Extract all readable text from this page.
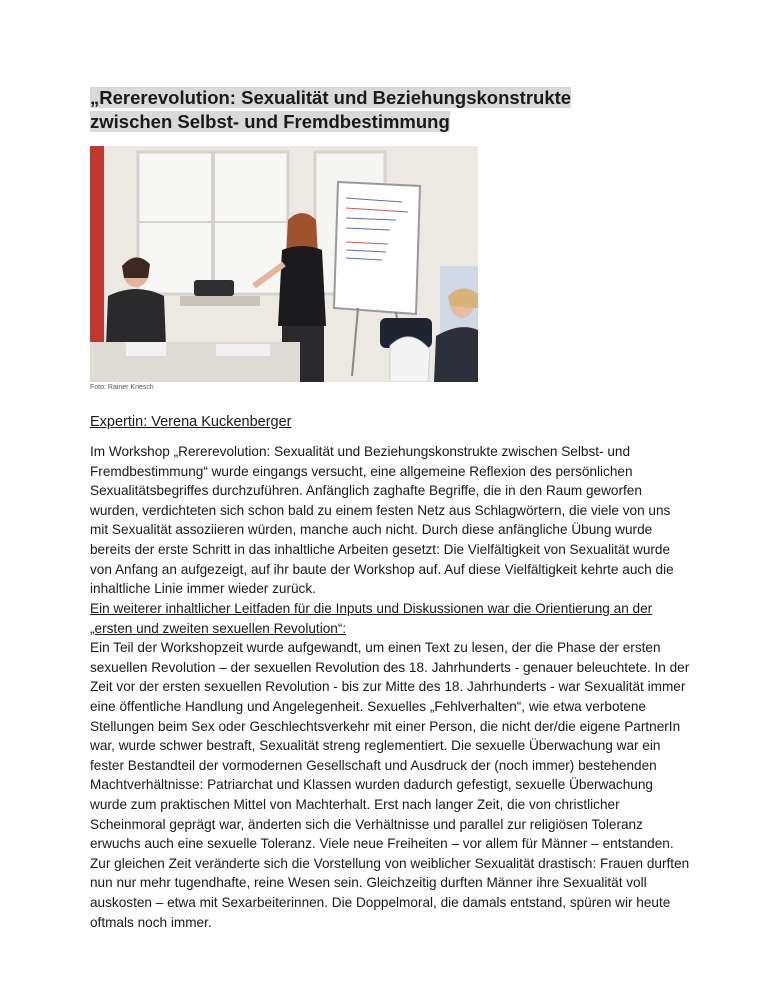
„Rererevolution: Sexualität und Beziehungskonstrukte zwischen Selbst- und Fremdbestimmung

Foto: Rainer Kriesch

Expertin: Verena Kuckenberger

Im Workshop „Rererevolution: Sexualität und Beziehungskonstrukte zwischen Selbst- und Fremdbestimmung“ wurde eingangs versucht, eine allgemeine Reflexion des persönlichen Sexualitätsbegriffes durchzuführen. Anfänglich zaghafte Begriffe, die in den Raum geworfen wurden, verdichteten sich schon bald zu einem festen Netz aus Schlagwörtern, die viele von uns mit Sexualität assoziieren würden, manche auch nicht. Durch diese anfängliche Übung wurde bereits der erste Schritt in das inhaltliche Arbeiten gesetzt: Die Vielfältigkeit von Sexualität wurde von Anfang an aufgezeigt, auf ihr baute der Workshop auf. Auf diese Vielfältigkeit kehrte auch die inhaltliche Linie immer wieder zurück.

Ein weiterer inhaltlicher Leitfaden für die Inputs und Diskussionen war die Orientierung an der „ersten und zweiten sexuellen Revolution“:
Ein Teil der Workshopzeit wurde aufgewandt, um einen Text zu lesen, der die Phase der ersten sexuellen Revolution – der sexuellen Revolution des 18. Jahrhunderts - genauer beleuchtete. In der Zeit vor der ersten sexuellen Revolution - bis zur Mitte des 18. Jahrhunderts - war Sexualität immer eine öffentliche Handlung und Angelegenheit. Sexuelles „Fehlverhalten“, wie etwa verbotene Stellungen beim Sex oder Geschlechtsverkehr mit einer Person, die nicht der/die eigene PartnerIn war, wurde schwer bestraft, Sexualität streng reglementiert. Die sexuelle Überwachung war ein fester Bestandteil der vormodernen Gesellschaft und Ausdruck der (noch immer) bestehenden Machtverhältnisse: Patriarchat und Klassen wurden dadurch gefestigt, sexuelle Überwachung wurde zum praktischen Mittel von Machterhalt. Erst nach langer Zeit, die von christlicher Scheinmoral geprägt war, änderten sich die Verhältnisse und parallel zur religiösen Toleranz erwuchs auch eine sexuelle Toleranz. Viele neue Freiheiten – vor allem für Männer – entstanden. Zur gleichen Zeit veränderte sich die Vorstellung von weiblicher Sexualität drastisch: Frauen durften nun nur mehr tugendhafte, reine Wesen sein. Gleichzeitig durften Männer ihre Sexualität voll auskosten – etwa mit Sexarbeiterinnen. Die Doppelmoral, die damals entstand, spüren wir heute oftmals noch immer.
